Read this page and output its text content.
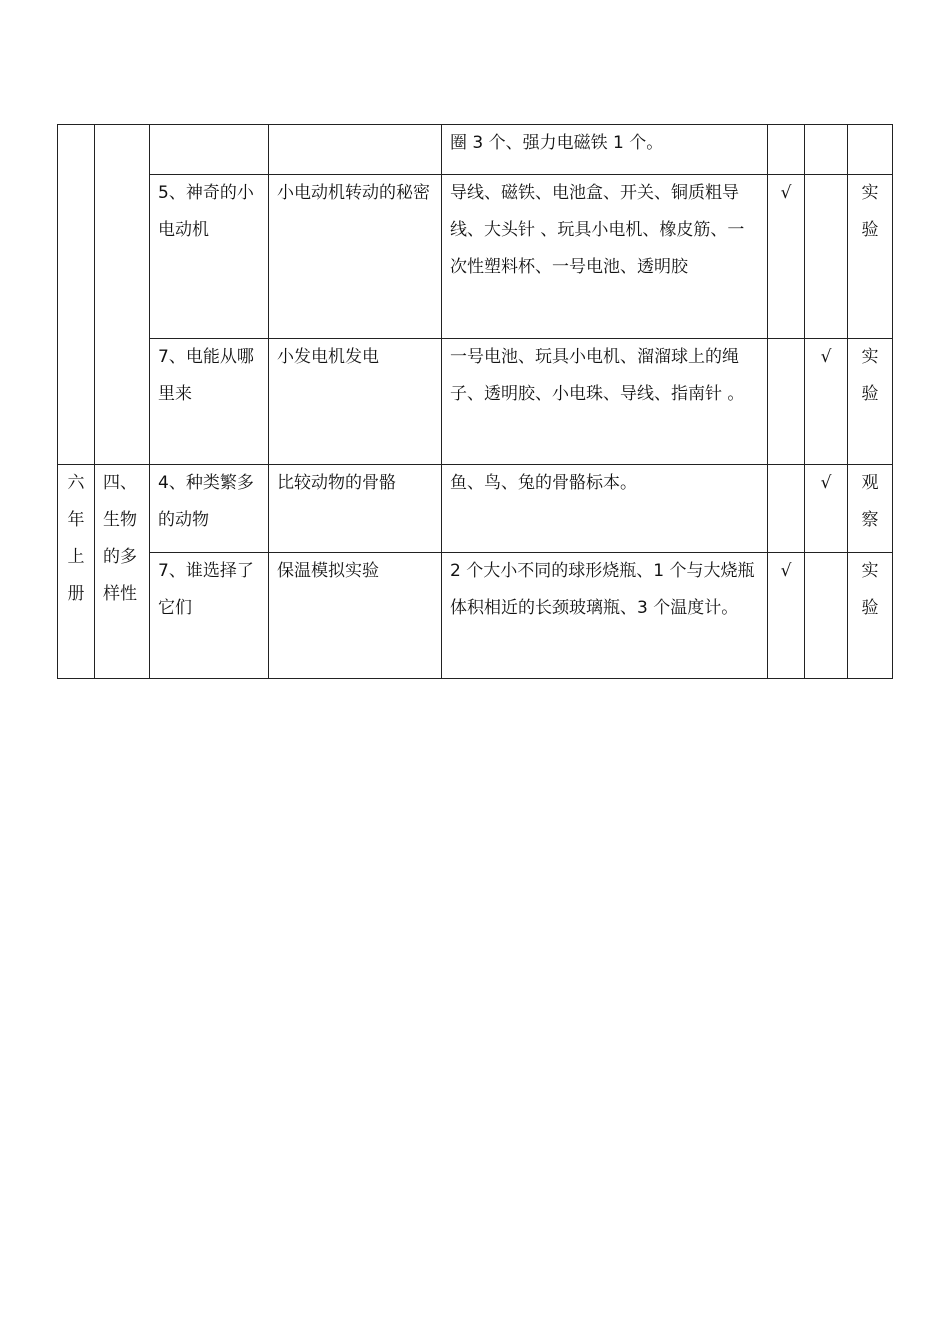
				圈 3 个、强力电磁铁 1 个。			

		5、神奇的小电动机	小电动机转动的秘密	导线、磁铁、电池盒、开关、铜质粗导线、大头针 、玩具小电机、橡皮筋、一次性塑料杯、一号电池、透明胶	√		实验

		7、电能从哪里来	小发电机发电	一号电池、玩具小电机、溜溜球上的绳子、透明胶、小电珠、导线、指南针 。		√	实验

六年上册	四、生物的多样性	4、种类繁多的动物	比较动物的骨骼	鱼、鸟、兔的骨骼标本。		√	观察

		7、谁选择了它们	保温模拟实验	2 个大小不同的球形烧瓶、1 个与大烧瓶体积相近的长颈玻璃瓶、3 个温度计。	√		实验
